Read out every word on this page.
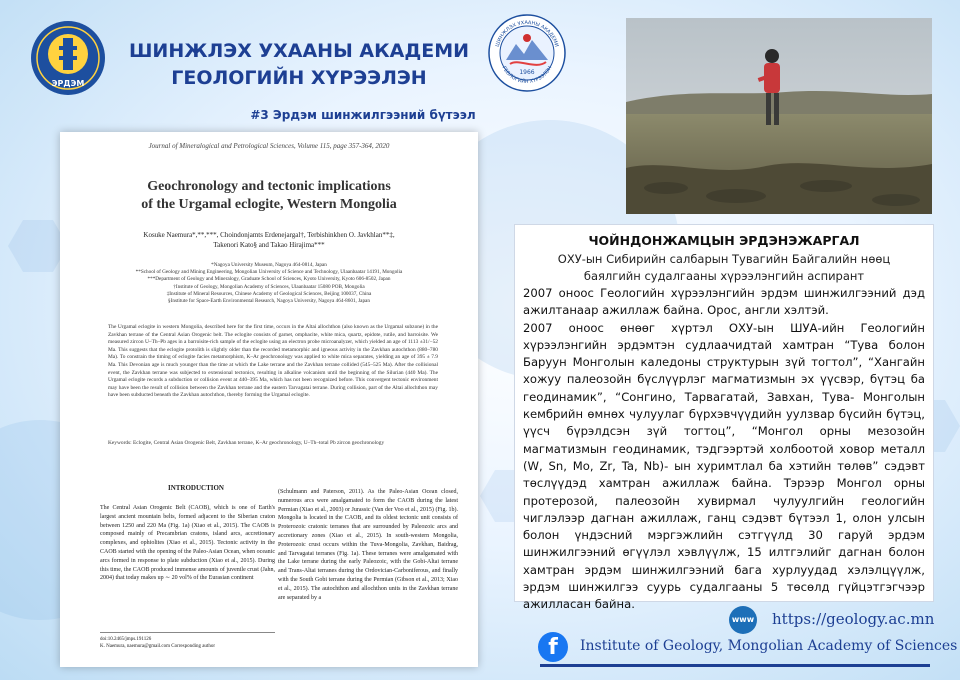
ЭРДЭМ
ШИНЖЛЭХ УХААНЫ АКАДЕМИ
ГЕОЛОГИЙН ХҮРЭЭЛЭН	1966
ШИНЖЛЭХ УХААНЫ АКАДЕМИ
ГЕОЛОГИЙН ХҮРЭЭЛЭН
#3 Эрдэм шинжилгээний бүтээл
Journal of Mineralogical and Petrological Sciences, Volume 115, page 357-364, 2020
Geochronology and tectonic implications
of the Urgamal eclogite, Western Mongolia
Kosuke Naemura*,**,***, Choindonjamts Erdenejargal†, Terbishinkhen O. Javkhlan**‡,
Takenori Kato§ and Takao Hirajima***
*Nagoya University Museum, Nagoya 464-0814, Japan
**School of Geology and Mining Engineering, Mongolian University of Science and Technology, Ulaanbaatar 14191, Mongolia
***Department of Geology and Mineralogy, Graduate School of Sciences, Kyoto University, Kyoto 606-8502, Japan
†Institute of Geology, Mongolian Academy of Sciences, Ulaanbaatar 15080 POB, Mongolia
‡Institute of Mineral Resources, Chinese Academy of Geological Sciences, Beijing 100037, China
§Institute for Space-Earth Environmental Research, Nagoya University, Nagoya 464-8601, Japan
The Urgamal eclogite in western Mongolia, described here for the first time, occurs in the Altai allochthon (also known as the Urgamal subzone) in the Zavkhan terrane of the Central Asian Orogenic belt. The eclogite consists of garnet, omphacite, white mica, quartz, epidote, rutile, and barroisite. We measured zircon U–Th–Pb ages in a barroisite-rich sample of the eclogite using an electron probe microanalyzer, which yielded an age of 1113 ±31/−52 Ma. This suggests that the eclogite protolith is slightly older than the recorded metamorphic and igneous activity in the Zavkhan autochthon (880–780 Ma). To constrain the timing of eclogite facies metamorphism, K–Ar geochronology was applied to white mica separates, yielding an age of 395 ± 7.9 Ma. This Devonian age is much younger than the time at which the Lake terrane and the Zavkhan terrane collided (545–525 Ma). After the collisional event, the Zavkhan terrane was subjected to extensional tectonics, resulting in alkaline volcanism until the beginning of the Silurian (440 Ma). The Urgamal eclogite records a subduction or collision event at 440–395 Ma, which has not been recognized before. This convergent tectonic environment may have been the result of collision between the Zavkhan terrane and the eastern Tarvagatai terrane. During collision, part of the Altai allochthon may have been subducted beneath the Zavkhan autochthon, thereby forming the Urgamal eclogite.
Keywords: Eclogite, Central Asian Orogenic Belt, Zavkhan terrane, K–Ar geochronology, U–Th–total Pb zircon geochronology
INTRODUCTION
The Central Asian Orogenic Belt (CAOB), which is one of Earth's largest ancient mountain belts, formed adjacent to the Siberian craton between 1250 and 220 Ma (Fig. 1a) (Xiao et al., 2015). The CAOB is composed mainly of Precambrian cratons, island arcs, accretionary complexes, and ophiolites (Xiao et al., 2015). Tectonic activity in the CAOB started with the opening of the Paleo-Asian Ocean, when oceanic arcs formed in response to plate subduction (Xiao et al., 2015). During this time, the CAOB produced immense amounts of juvenile crust (Jahn, 2004) that today makes up ∼ 20 vol% of the Eurasian continent
(Schulmann and Paterson, 2011). As the Paleo-Asian Ocean closed, numerous arcs were amalgamated to form the CAOB during the latest Permian (Xiao et al., 2003) or Jurassic (Van der Voo et al., 2015) (Fig. 1b). Mongolia is located in the CAOB, and its oldest tectonic unit consists of Proterozoic cratonic terranes that are surrounded by Paleozoic arcs and accretionary zones (Xiao et al., 2015). In south-western Mongolia, Proterozoic crust occurs within the Tuva-Mongolia, Zavkhan, Baidrag, and Tarvagatai terranes (Fig. 1a). These terranes were amalgamated with the Lake terrane during the early Paleozoic, with the Gobi-Altai terrane and Trans-Altai terranes during the Ordovician-Carboniferous, and finally with the South Gobi terrane during the Permian (Gibson et al., 2013; Xiao et al., 2015). The autochthon and allochthon units in the Zavkhan terrane are separated by a
doi:10.2465/jmps.191126
K. Naemura, naemura@gmail.com Corresponding author
ЧОЙНДОНЖАМЦЫН ЭРДЭНЭЖАРГАЛ
ОХУ-ын Сибирийн салбарын Тувагийн Байгалийн нөөц баялгийн судалгааны хүрээлэнгийн аспирант

2007 оноос Геологийн хүрээлэнгийн эрдэм шинжилгээний дэд ажилтанаар ажиллаж байна. Орос, англи хэлтэй.

2007 оноос өнөөг хүртэл ОХУ-ын ШУА-ийн Геологийн хүрээлэнгийн эрдэмтэн судлаачидтай хамтран “Тува болон Баруун Монголын каледоны структурын зүй тогтол”, “Хангайн хожуу палеозойн бүслүүрлэг магматизмын эх үүсвэр, бүтэц ба геодинамик”, “Сонгино, Тарвагатай, Завхан, Тува- Монголын кембрийн өмнөх чулуулаг бүрхэвчүүдийн уулзвар бүсийн бүтэц, үүсч бүрэлдсэн зүй тогтоц”, “Монгол орны мезозойн магматизмын геодинамик, тэдгээртэй холбоотой ховор металл (W, Sn, Mo, Zr, Ta, Nb)- ын хуримтлал ба хэтийн төлөв” сэдэвт төслүүдэд хамтран ажиллаж байна. Тэрээр Монгол орны протерозой, палеозойн хувирмал чулуулгийн геологийн чиглэлээр дагнан ажиллаж, ганц сэдэвт бүтээл 1, олон улсын болон үндэсний мэргэжлийн сэтгүүлд 30 гаруй эрдэм шинжилгээний өгүүлэл хэвлүүлж, 15 илтгэлийг дагнан болон хамтран эрдэм шинжилгээний бага хурлуудад хэлэлцүүлж, эрдэм шинжилгээ суурь судалгааны 5 төсөлд гүйцэтгэгчээр ажилласан байна.

www https://geology.ac.mn
f	Institute of Geology, Mongolian Academy of Sciences
